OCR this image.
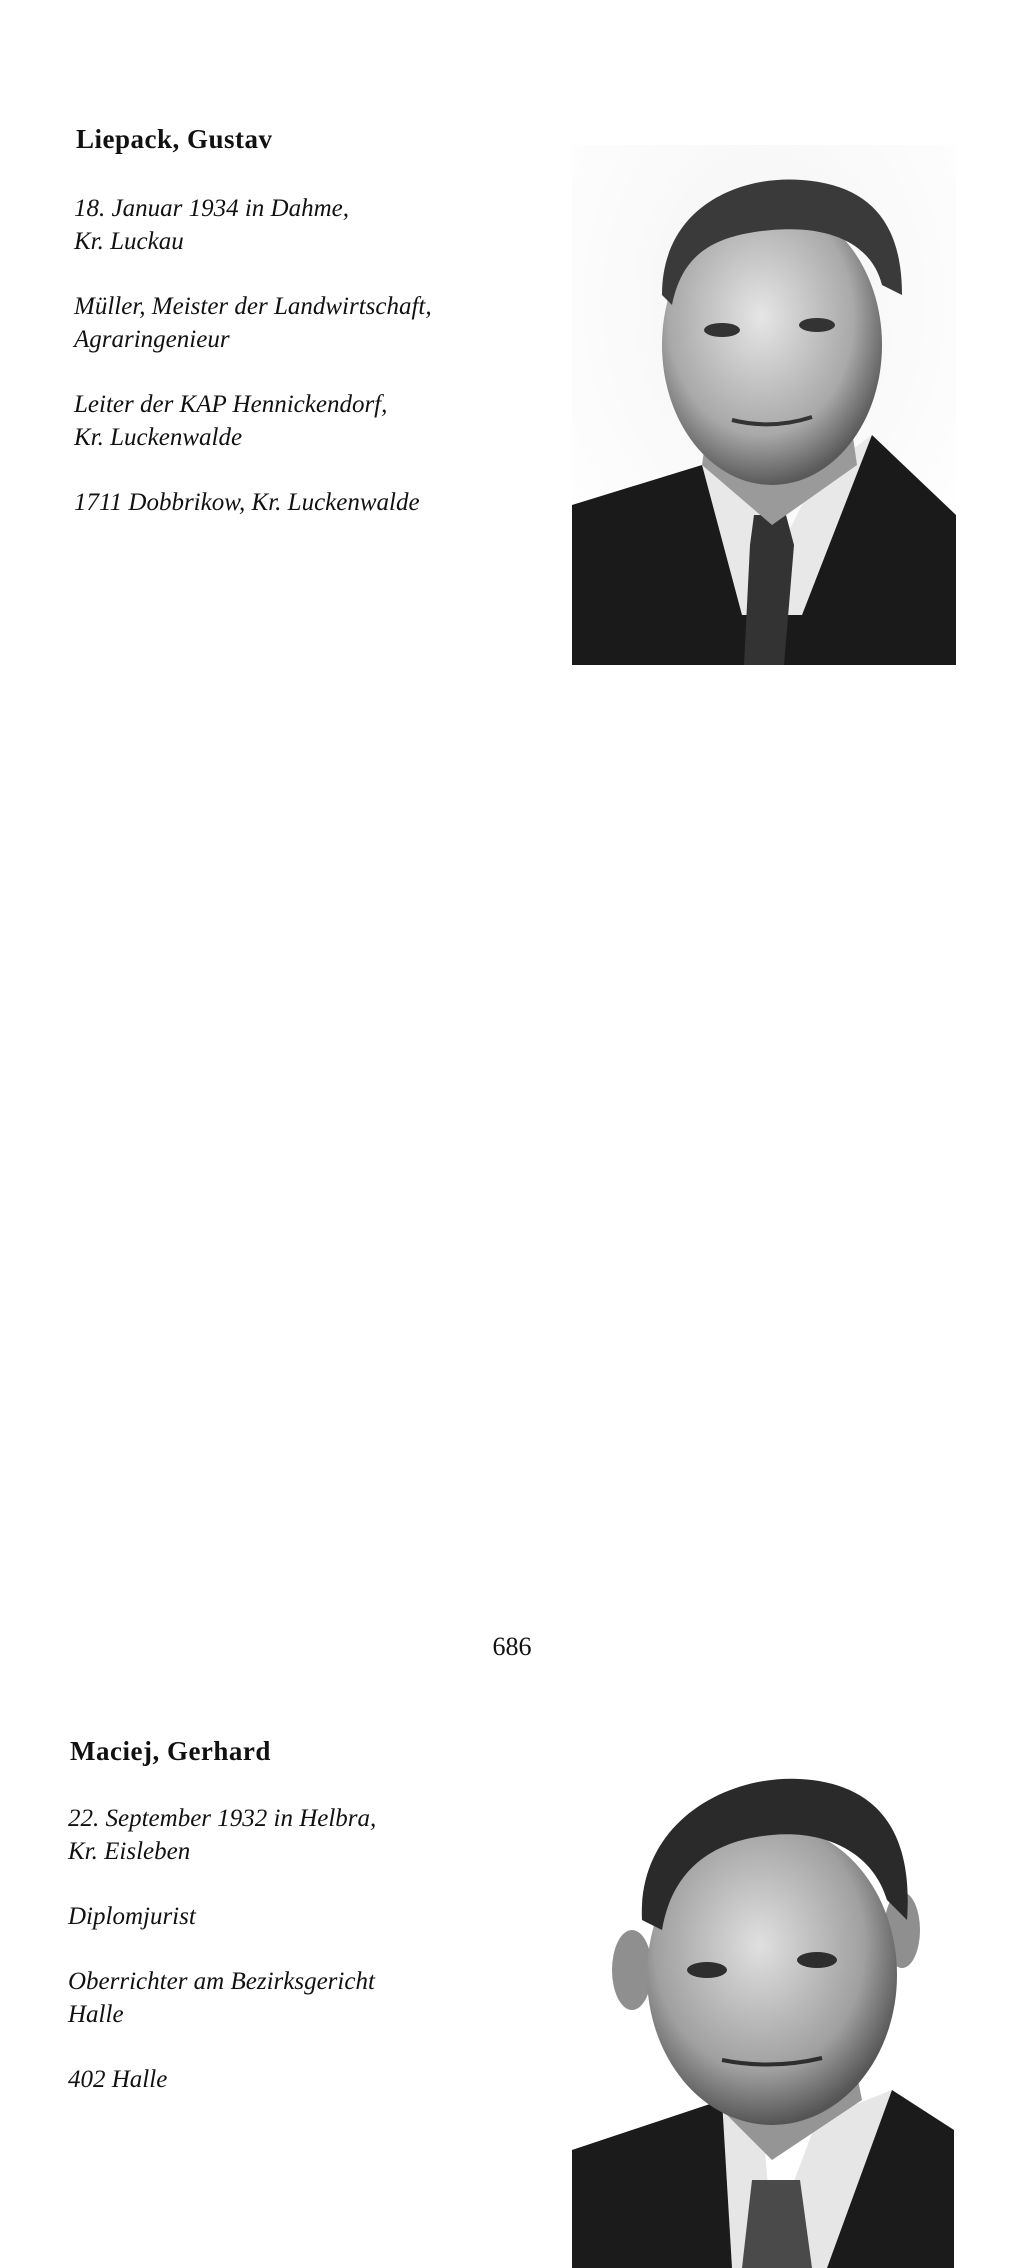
Liepack, Gustav

18. Januar 1934 in Dahme,
Kr. Luckau

Müller, Meister der Landwirtschaft,
Agraringenieur

Leiter der KAP Hennickendorf,
Kr. Luckenwalde

1711 Dobbrikow, Kr. Luckenwalde

Maciej, Gerhard

22. September 1932 in Helbra,
Kr. Eisleben

Diplomjurist

Oberrichter am Bezirksgericht
Halle

402 Halle

686
